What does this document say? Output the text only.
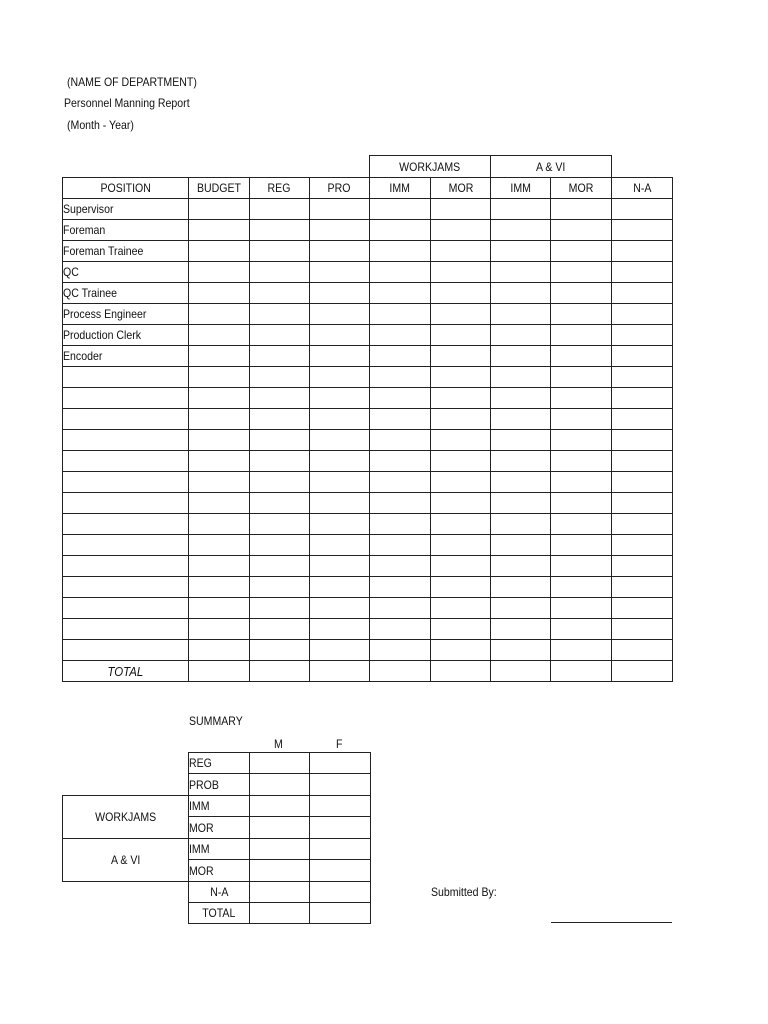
(NAME OF DEPARTMENT)
Personnel Manning Report
(Month - Year)
				WORKJAMS		A & VI		
POSITION	BUDGET	REG	PRO	IMM	MOR	IMM	MOR	N-A
Supervisor								
Foreman								
Foreman Trainee								
QC								
QC Trainee								
Process Engineer								
Production Clerk								
Encoder								

TOTAL								
SUMMARY
M	F
	REG		
	PROB		
WORKJAMS	IMM		
	MOR		
A & VI	IMM		
	MOR		
	N-A		
	TOTAL		
Submitted By:
